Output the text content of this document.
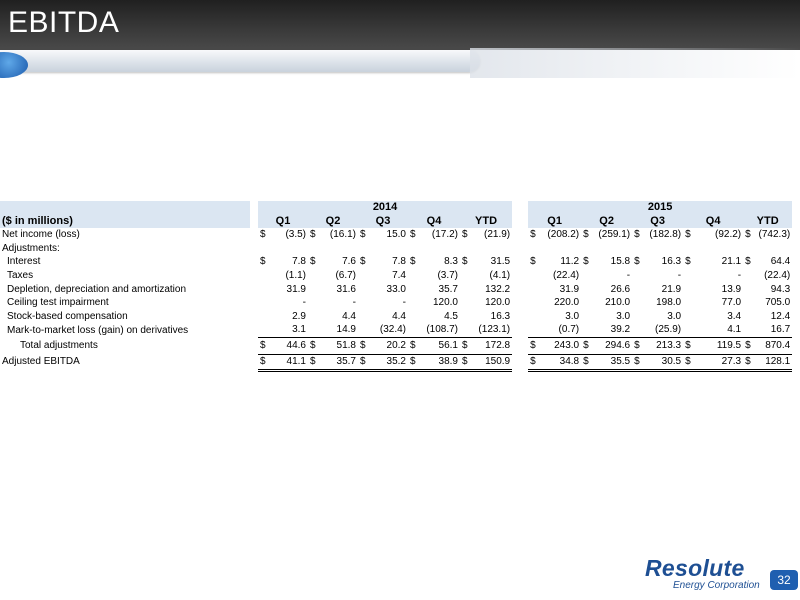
EBITDA
		2014											2015									
($ in millions)		Q1		Q2		Q3		Q4		YTD			Q1		Q2		Q3		Q4		YTD	
Net income (loss)		$	(3.5)	$	(16.1)	$	15.0	$	(17.2)	$	(21.9)		$	(208.2)	$	(259.1)	$	(182.8)	$	(92.2)	$	(742.3)
Adjustments:																						
Interest		$	7.8	$	7.6	$	7.8	$	8.3	$	31.5		$	11.2	$	15.8	$	16.3	$	21.1	$	64.4
Taxes			(1.1)		(6.7)		7.4		(3.7)		(4.1)			(22.4)		-		-		-		(22.4)
Depletion, depreciation and amortization			31.9		31.6		33.0		35.7		132.2			31.9		26.6		21.9		13.9		94.3
Ceiling test impairment			-		-		-		120.0		120.0			220.0		210.0		198.0		77.0		705.0
Stock-based compensation			2.9		4.4		4.4		4.5		16.3			3.0		3.0		3.0		3.4		12.4
Mark-to-market loss (gain) on derivatives			3.1		14.9		(32.4)		(108.7)		(123.1)			(0.7)		39.2		(25.9)		4.1		16.7
Total adjustments		$	44.6	$	51.8	$	20.2	$	56.1	$	172.8		$	243.0	$	294.6	$	213.3	$	119.5	$	870.4
Adjusted EBITDA		$	41.1	$	35.7	$	35.2	$	38.9	$	150.9		$	34.8	$	35.5	$	30.5	$	27.3	$	128.1
Resolute
Energy Corporation	32
